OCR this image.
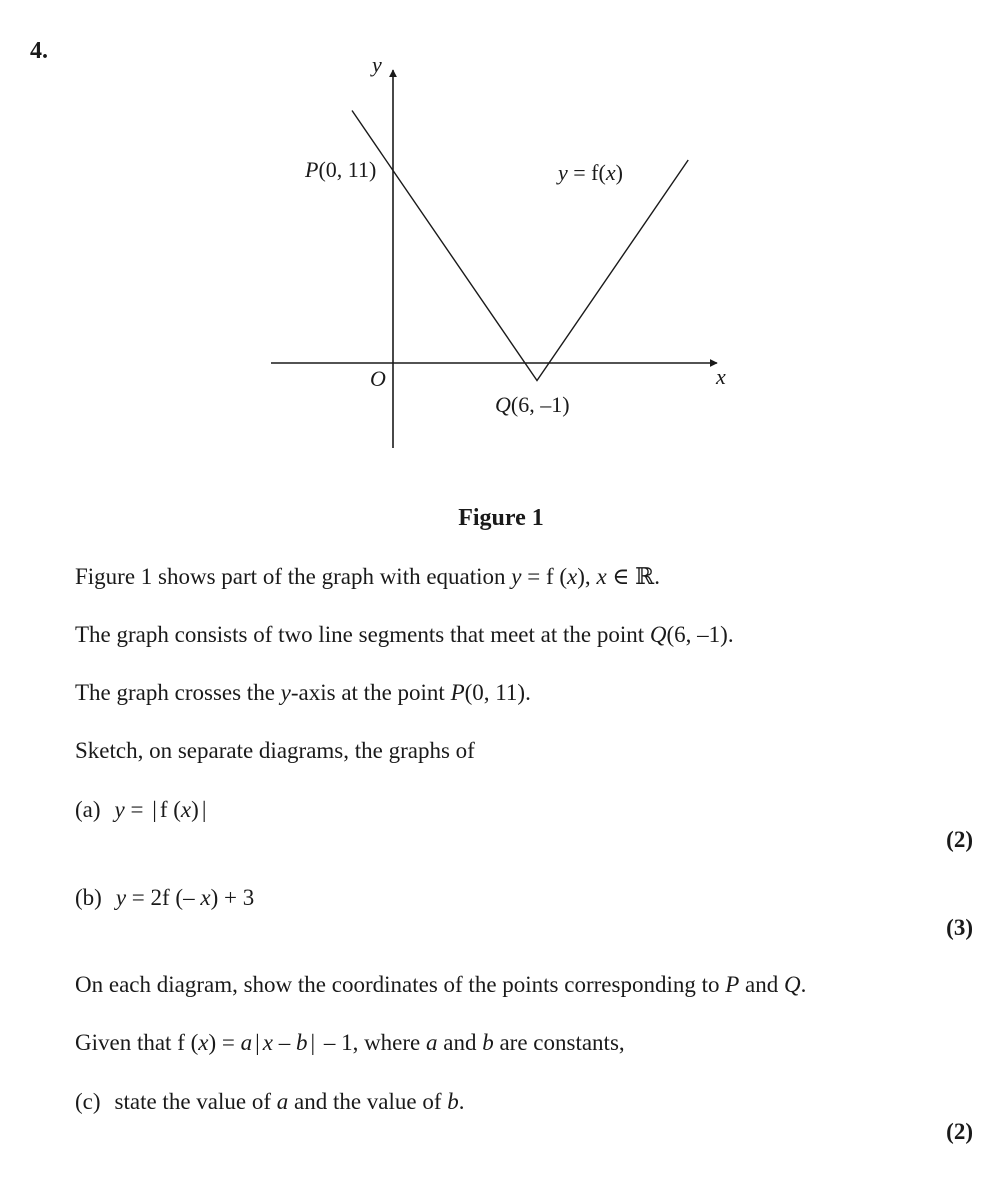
4.
y
x
O
P(0, 11)
Q(6, –1)
y = f(x)
Figure 1
Figure 1 shows part of the graph with equation y = f (x), x ∈ ℝ.
The graph consists of two line segments that meet at the point Q(6, –1).
The graph crosses the y-axis at the point P(0, 11).
Sketch, on separate diagrams, the graphs of
(a) y = | f (x) |
(2)
(b) y = 2f (– x) + 3
(3)
On each diagram, show the coordinates of the points corresponding to P and Q.
Given that f (x) = a | x – b | – 1, where a and b are constants,
(c) state the value of a and the value of b.
(2)
